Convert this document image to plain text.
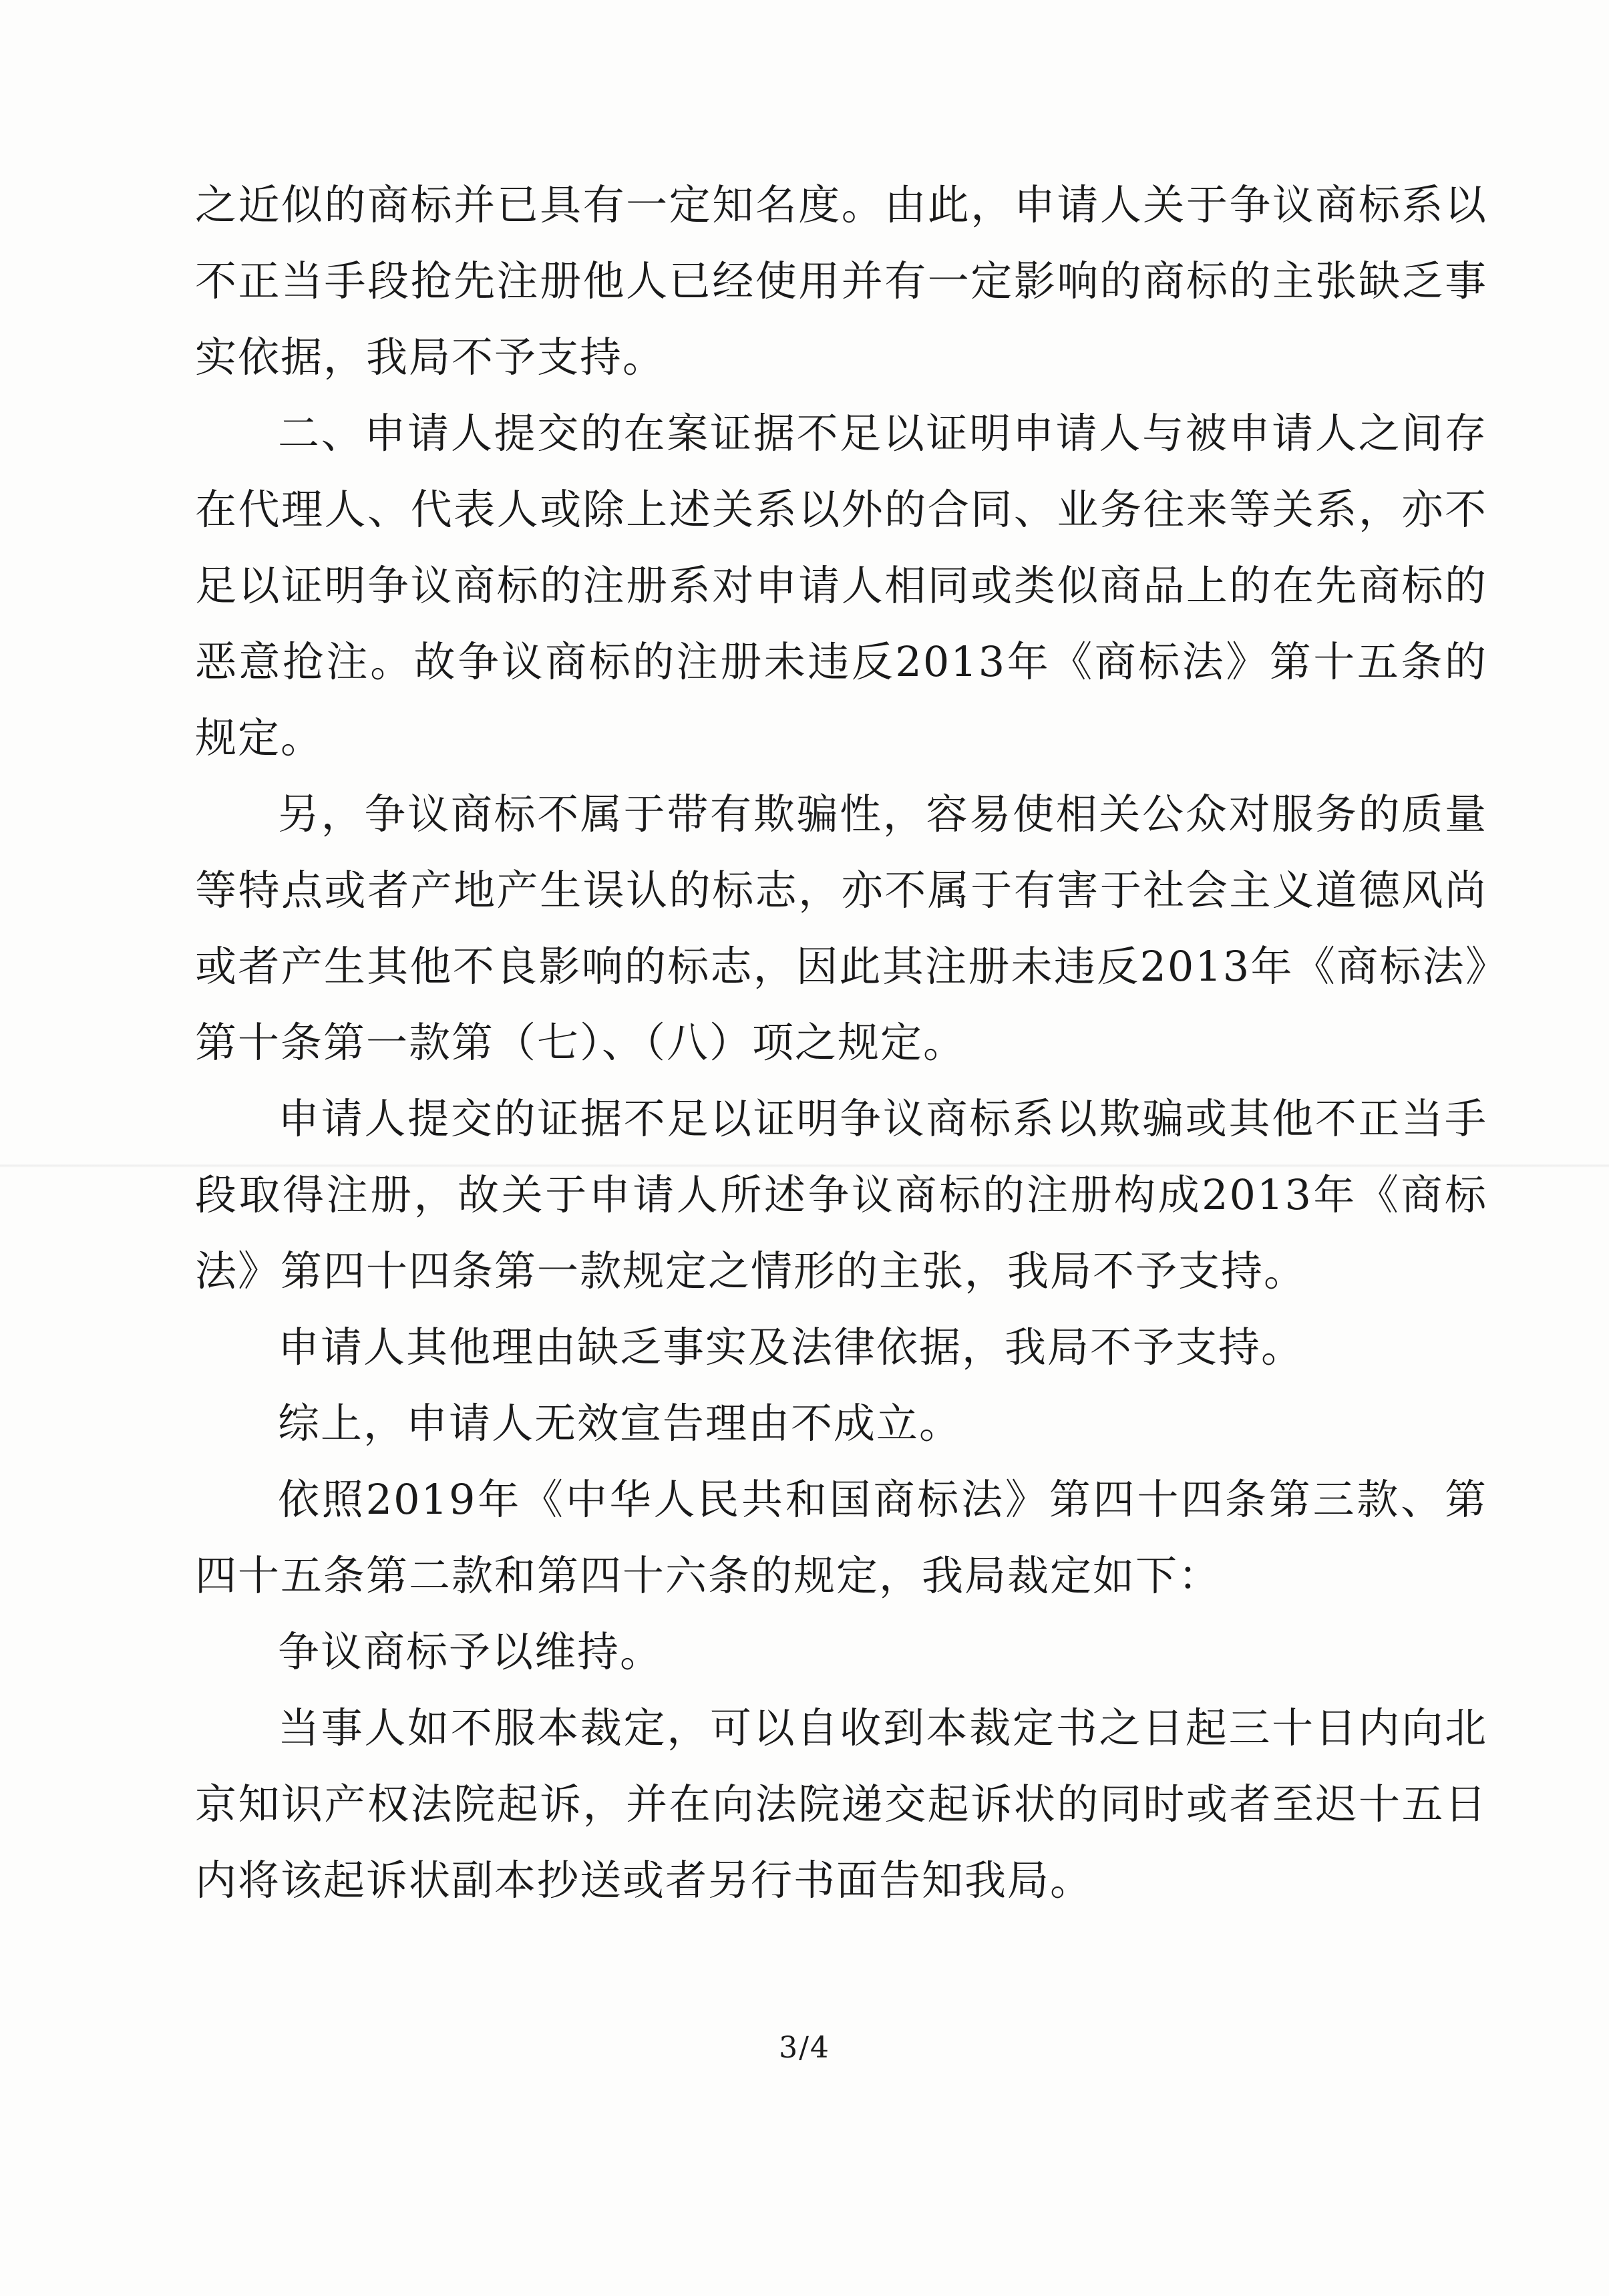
之近似的商标并已具有一定知名度。由此，申请人关于争议商标系以不正当手段抢先注册他人已经使用并有一定影响的商标的主张缺乏事实依据，我局不予支持。

二、申请人提交的在案证据不足以证明申请人与被申请人之间存在代理人、代表人或除上述关系以外的合同、业务往来等关系，亦不足以证明争议商标的注册系对申请人相同或类似商品上的在先商标的恶意抢注。故争议商标的注册未违反2013年《商标法》第十五条的规定。

另，争议商标不属于带有欺骗性，容易使相关公众对服务的质量等特点或者产地产生误认的标志，亦不属于有害于社会主义道德风尚或者产生其他不良影响的标志，因此其注册未违反2013年《商标法》第十条第一款第（七）、（八）项之规定。

申请人提交的证据不足以证明争议商标系以欺骗或其他不正当手段取得注册，故关于申请人所述争议商标的注册构成2013年《商标法》第四十四条第一款规定之情形的主张，我局不予支持。

申请人其他理由缺乏事实及法律依据，我局不予支持。

综上，申请人无效宣告理由不成立。

依照2019年《中华人民共和国商标法》第四十四条第三款、第四十五条第二款和第四十六条的规定，我局裁定如下：

争议商标予以维持。

当事人如不服本裁定，可以自收到本裁定书之日起三十日内向北京知识产权法院起诉，并在向法院递交起诉状的同时或者至迟十五日内将该起诉状副本抄送或者另行书面告知我局。

3/4
